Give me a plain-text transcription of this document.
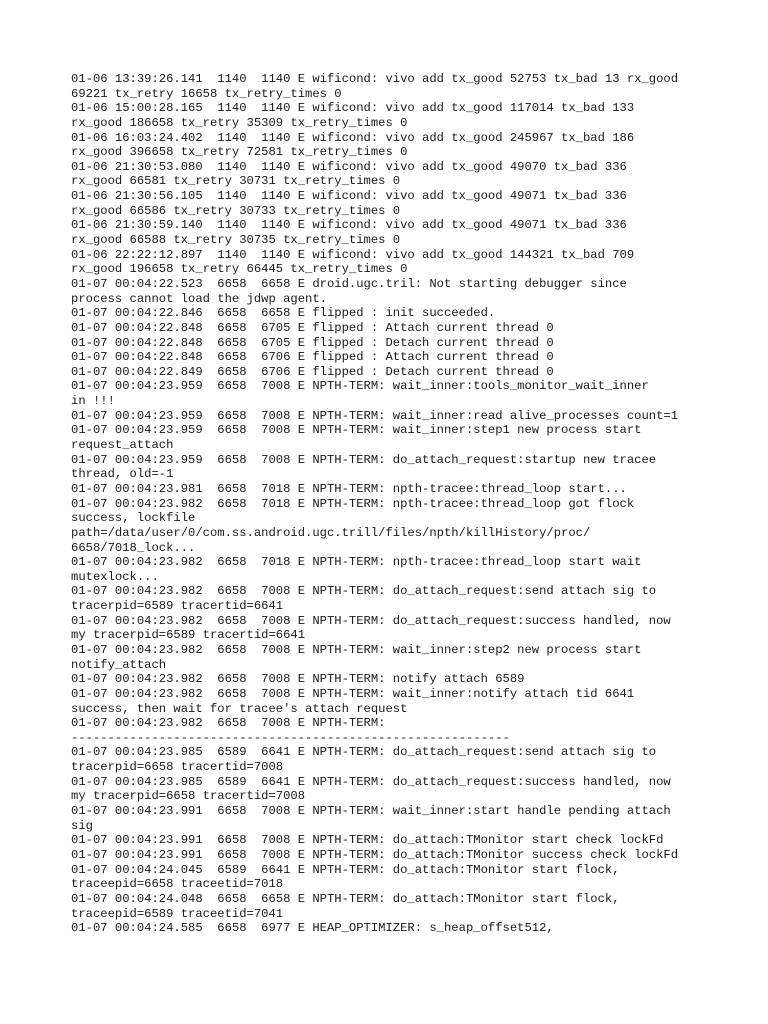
01-06 13:39:26.141  1140  1140 E wificond: vivo add tx_good 52753 tx_bad 13 rx_good
69221 tx_retry 16658 tx_retry_times 0
01-06 15:00:28.165  1140  1140 E wificond: vivo add tx_good 117014 tx_bad 133
rx_good 186658 tx_retry 35309 tx_retry_times 0
01-06 16:03:24.402  1140  1140 E wificond: vivo add tx_good 245967 tx_bad 186
rx_good 396658 tx_retry 72581 tx_retry_times 0
01-06 21:30:53.080  1140  1140 E wificond: vivo add tx_good 49070 tx_bad 336
rx_good 66581 tx_retry 30731 tx_retry_times 0
01-06 21:30:56.105  1140  1140 E wificond: vivo add tx_good 49071 tx_bad 336
rx_good 66586 tx_retry 30733 tx_retry_times 0
01-06 21:30:59.140  1140  1140 E wificond: vivo add tx_good 49071 tx_bad 336
rx_good 66588 tx_retry 30735 tx_retry_times 0
01-06 22:22:12.897  1140  1140 E wificond: vivo add tx_good 144321 tx_bad 709
rx_good 196658 tx_retry 66445 tx_retry_times 0
01-07 00:04:22.523  6658  6658 E droid.ugc.tril: Not starting debugger since
process cannot load the jdwp agent.
01-07 00:04:22.846  6658  6658 E flipped : init succeeded.
01-07 00:04:22.848  6658  6705 E flipped : Attach current thread 0
01-07 00:04:22.848  6658  6705 E flipped : Detach current thread 0
01-07 00:04:22.848  6658  6706 E flipped : Attach current thread 0
01-07 00:04:22.849  6658  6706 E flipped : Detach current thread 0
01-07 00:04:23.959  6658  7008 E NPTH-TERM: wait_inner:tools_monitor_wait_inner
in !!!
01-07 00:04:23.959  6658  7008 E NPTH-TERM: wait_inner:read alive_processes count=1
01-07 00:04:23.959  6658  7008 E NPTH-TERM: wait_inner:step1 new process start
request_attach
01-07 00:04:23.959  6658  7008 E NPTH-TERM: do_attach_request:startup new tracee
thread, old=-1
01-07 00:04:23.981  6658  7018 E NPTH-TERM: npth-tracee:thread_loop start...
01-07 00:04:23.982  6658  7018 E NPTH-TERM: npth-tracee:thread_loop got flock
success, lockfile
path=/data/user/0/com.ss.android.ugc.trill/files/npth/killHistory/proc/
6658/7018_lock...
01-07 00:04:23.982  6658  7018 E NPTH-TERM: npth-tracee:thread_loop start wait
mutexlock...
01-07 00:04:23.982  6658  7008 E NPTH-TERM: do_attach_request:send attach sig to
tracerpid=6589 tracertid=6641
01-07 00:04:23.982  6658  7008 E NPTH-TERM: do_attach_request:success handled, now
my tracerpid=6589 tracertid=6641
01-07 00:04:23.982  6658  7008 E NPTH-TERM: wait_inner:step2 new process start
notify_attach
01-07 00:04:23.982  6658  7008 E NPTH-TERM: notify attach 6589
01-07 00:04:23.982  6658  7008 E NPTH-TERM: wait_inner:notify attach tid 6641
success, then wait for tracee's attach request
01-07 00:04:23.982  6658  7008 E NPTH-TERM:
------------------------------------------------------------
01-07 00:04:23.985  6589  6641 E NPTH-TERM: do_attach_request:send attach sig to
tracerpid=6658 tracertid=7008
01-07 00:04:23.985  6589  6641 E NPTH-TERM: do_attach_request:success handled, now
my tracerpid=6658 tracertid=7008
01-07 00:04:23.991  6658  7008 E NPTH-TERM: wait_inner:start handle pending attach
sig
01-07 00:04:23.991  6658  7008 E NPTH-TERM: do_attach:TMonitor start check lockFd
01-07 00:04:23.991  6658  7008 E NPTH-TERM: do_attach:TMonitor success check lockFd
01-07 00:04:24.045  6589  6641 E NPTH-TERM: do_attach:TMonitor start flock,
traceepid=6658 traceetid=7018
01-07 00:04:24.048  6658  6658 E NPTH-TERM: do_attach:TMonitor start flock,
traceepid=6589 traceetid=7041
01-07 00:04:24.585  6658  6977 E HEAP_OPTIMIZER: s_heap_offset512,
